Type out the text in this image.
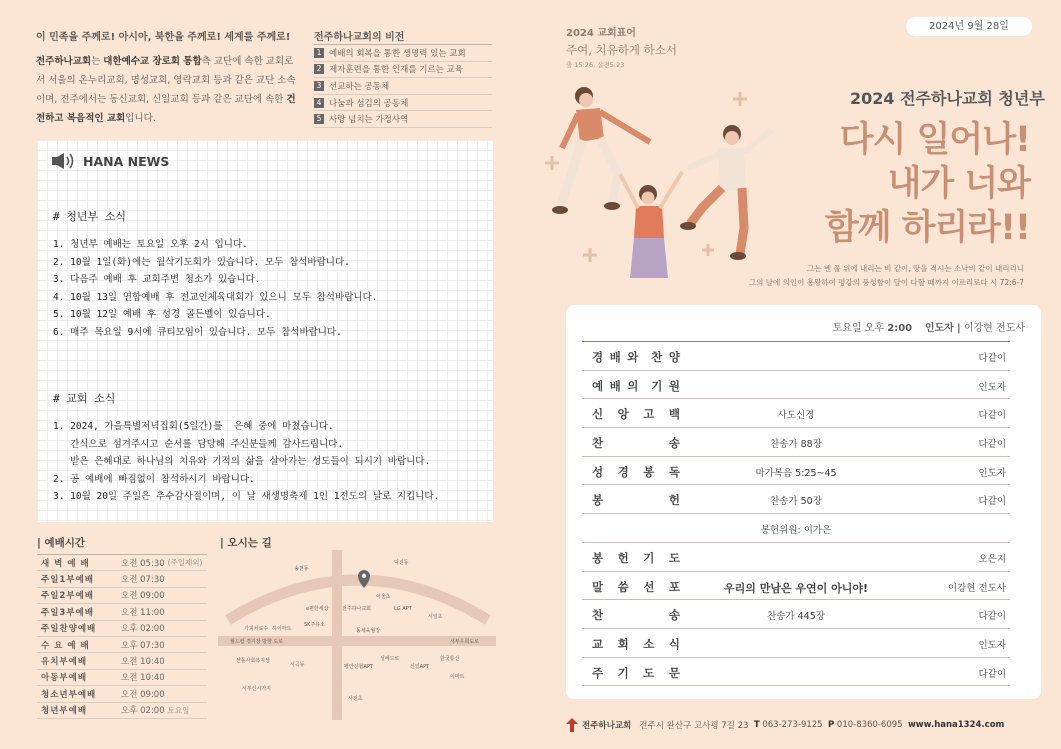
이 민족을 주께로! 아시아, 북한을 주께로! 세계를 주께로!
전주하나교회는 대한예수교 장로회 통합측 교단에 속한 교회로서 서울의 온누리교회, 명성교회, 영락교회 등과 같은 교단 소속이며, 전주에서는 동신교회, 신일교회 등과 같은 교단에 속한 건전하고 복음적인 교회입니다.
전주하나교회의 비전
1 예배의 회복을 통한 생명력 있는 교회
2 제자훈련을 통한 인재를 기르는 교육
3 선교하는 공동체
4 나눔과 섬김의 공동체
5 사랑 넘치는 가정사역
HANA NEWS
# 청년부 소식
1. 청년부 예배는 토요일 오후 2시 입니다.
2. 10월 1일(화)에는 월삭기도회가 있습니다. 모두 참석바랍니다.
3. 다음주 예배 후 교회주변 청소가 있습니다.
4. 10월 13일 연합예배 후 전교인체육대회가 있으니 모두 참석바랍니다.
5. 10월 12일 예배 후 성경 골든벨이 있습니다.
6. 매주 목요일 9시에 큐티모임이 있습니다. 모두 참석바랍니다.
# 교회 소식
1. 2024, 가을특별저녁집회(5일간)를  은혜 중에 마쳤습니다.
간식으로 섬겨주시고 순서를 담당해 주신분들께 감사드립니다.
받은 은혜대로 하나님의 치유와 기적의 삶을 살아가는 성도들이 되시기 바랍니다.
2. 공 예배에 빠짐없이 참석하시기 바랍니다.
3. 10월 20일 주일은 추수감사절이며, 이 날 새생명축제 1인 1전도의 날로 지킵니다.
| 예배시간
새 벽 예 배	오전 05:30 (주일제외)
주일1부예배	오전 07:30
주일2부예배	오전 09:00
주일3부예배	오전 11:00
주일찬양예배	오후 02:00
수 요 예 배	오후 07:30
유치부예배	오전 10:40
아동부예배	오전 10:40
청소년부예배	오전 09:00
청년부예배	오후 02:00 토요일
| 오시는 길
송천동
덕진동
전주하나교회	LG APT
e편한세상
SK주유소
서일초
어울초
동체육월장
가피치료수 하이마트
월드컵 경기장 방향 도로	서부우회도로
선돌사회복지상
서곡동	평안신협APT
한국통신
성베드로
신일APT
이마트
서부신시가지
서전초
2024년 9월 28일
2024 교회표어
주여, 치유하게 하소서
출 15:26, 살전5:23
2024 전주하나교회 청년부
다시 일어나!
내가 너와
함께 하리라!!
그는 벤 풀 위에 내리는 비 같이, 땅을 적시는 소낙비 같이 내리리니
그의 날에 의인이 흥왕하여 평강의 풍성함이 달이 다할 때까지 이르리로다 시 72:6-7
토요일 오후 2:00 인도자 | 이강현 전도사
경 배 와 찬 양	다같이
예 배 의 기 원	인도자
신 앙 고 백	사도신경	다같이
찬	송	찬송가 88장	다같이
성 경 봉 독	마가복음 5:25~45	인도자
봉	헌	찬송가 50장	다같이
봉헌위원: 이가은
봉 헌 기 도	오은지
말 씀 선 포	우리의 만남은 우연이 아니야!	이강현 전도사
찬	송	찬송가 445장	다같이
교 회 소 식	인도자
주 기 도 문	다같이
전주하나교회 전주시 완산구 고사평 7길 23
T
063-273-9125
P
010-8360-6095
www.hana1324.com
